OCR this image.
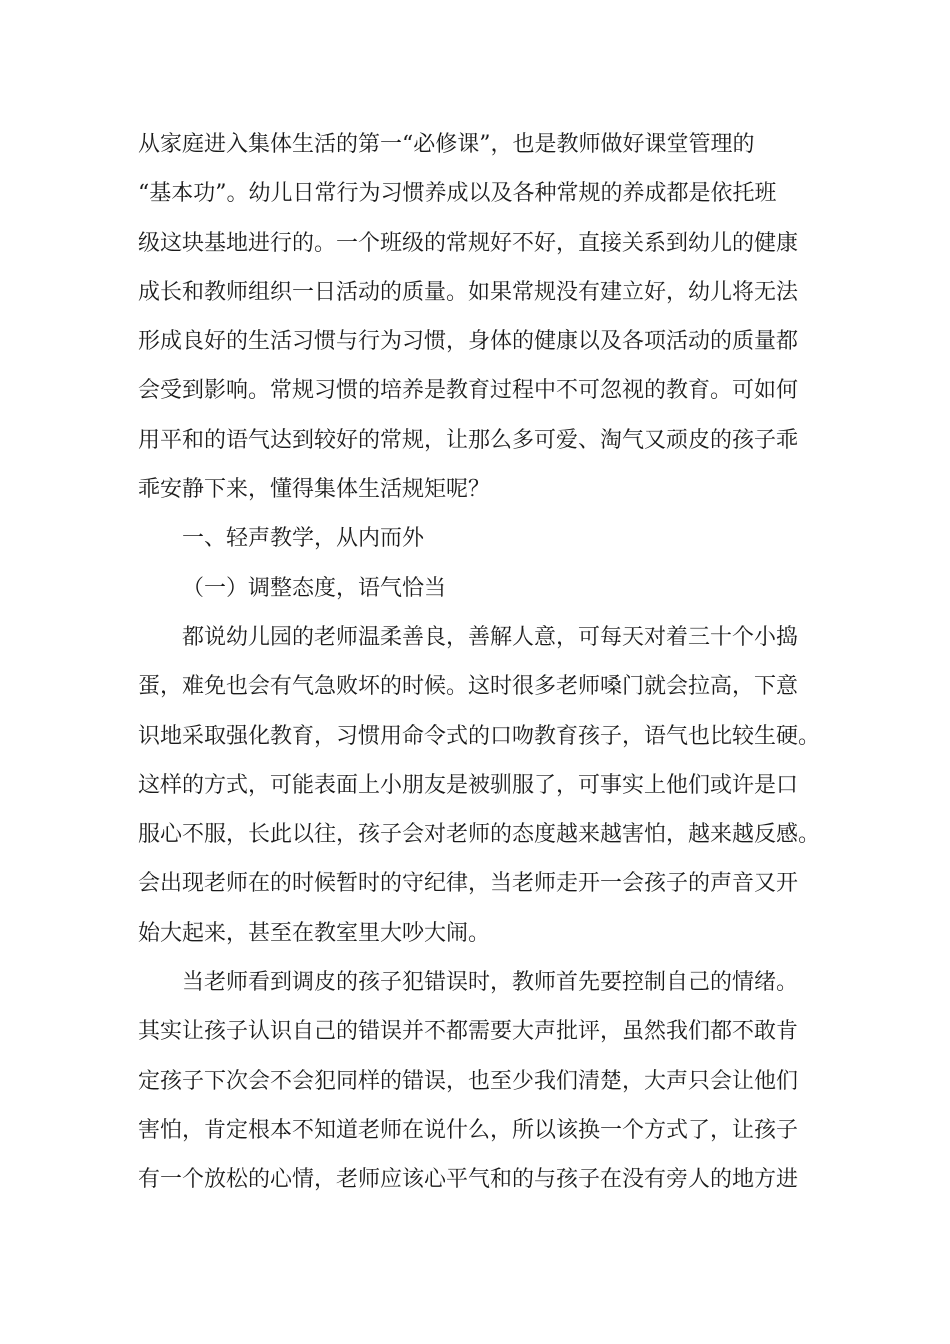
从家庭进入集体生活的第一“必修课”，也是教师做好课堂管理的
“基本功”。幼儿日常行为习惯养成以及各种常规的养成都是依托班
级这块基地进行的。一个班级的常规好不好，直接关系到幼儿的健康
成长和教师组织一日活动的质量。如果常规没有建立好，幼儿将无法
形成良好的生活习惯与行为习惯，身体的健康以及各项活动的质量都
会受到影响。常规习惯的培养是教育过程中不可忽视的教育。可如何
用平和的语气达到较好的常规，让那么多可爱、淘气又顽皮的孩子乖
乖安静下来，懂得集体生活规矩呢？
一、轻声教学，从内而外
（一）调整态度，语气恰当
都说幼儿园的老师温柔善良，善解人意，可每天对着三十个小捣
蛋，难免也会有气急败坏的时候。这时很多老师嗓门就会拉高，下意
识地采取强化教育，习惯用命令式的口吻教育孩子，语气也比较生硬。
这样的方式，可能表面上小朋友是被驯服了，可事实上他们或许是口
服心不服，长此以往，孩子会对老师的态度越来越害怕，越来越反感。
会出现老师在的时候暂时的守纪律，当老师走开一会孩子的声音又开
始大起来，甚至在教室里大吵大闹。
当老师看到调皮的孩子犯错误时，教师首先要控制自己的情绪。
其实让孩子认识自己的错误并不都需要大声批评，虽然我们都不敢肯
定孩子下次会不会犯同样的错误，也至少我们清楚，大声只会让他们
害怕，肯定根本不知道老师在说什么，所以该换一个方式了，让孩子
有一个放松的心情，老师应该心平气和的与孩子在没有旁人的地方进
